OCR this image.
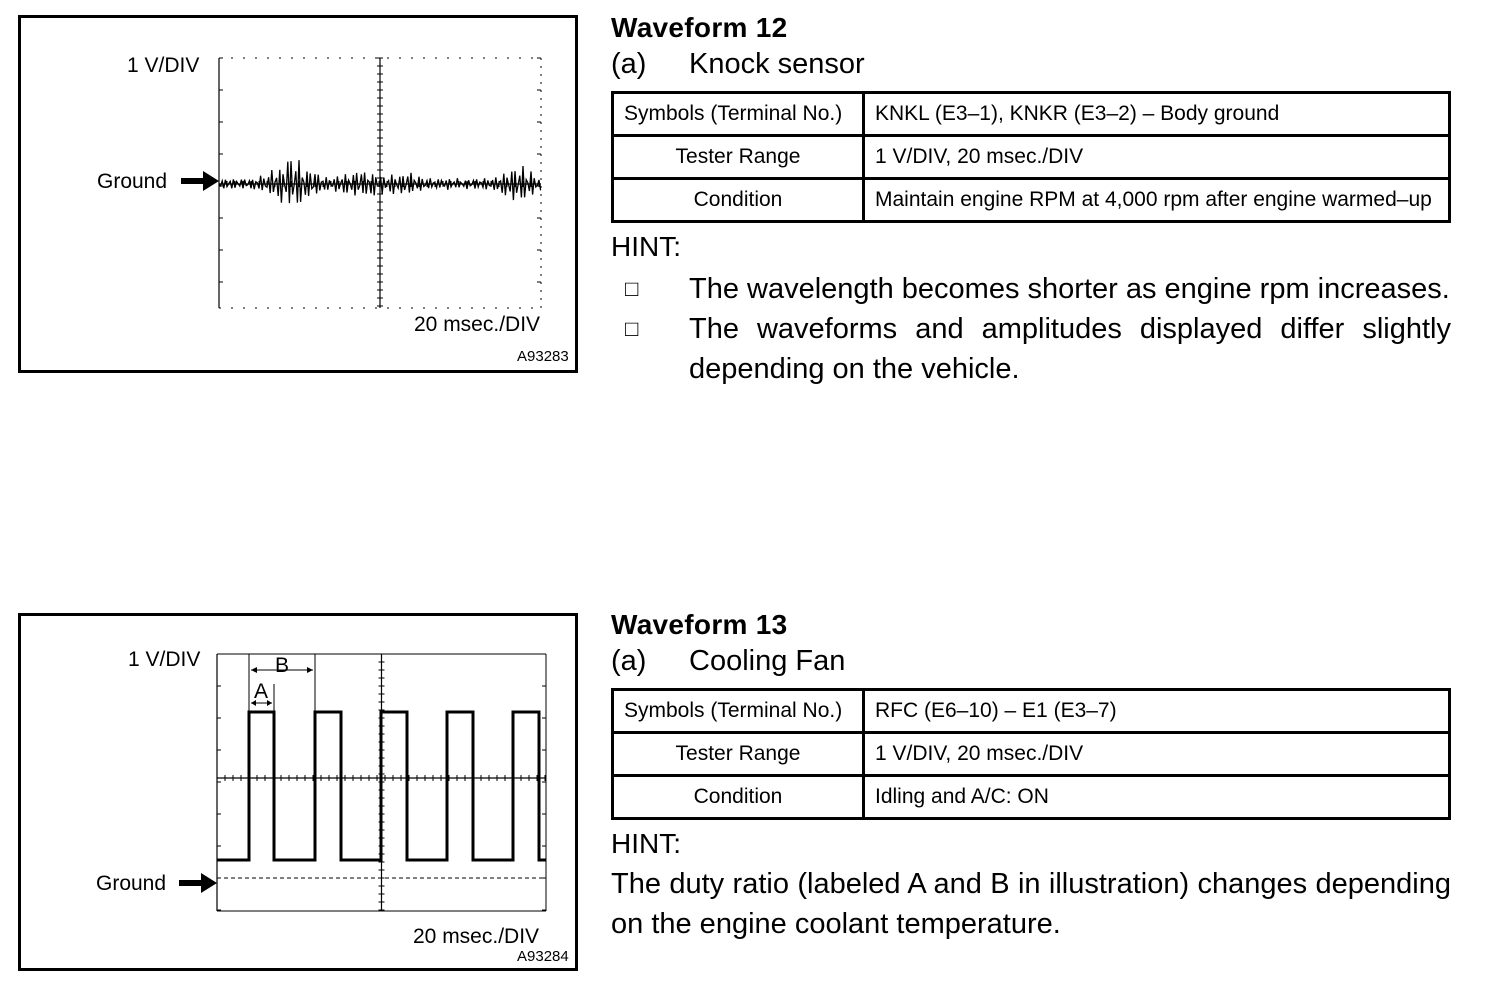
1 V/DIV
Ground
20 msec./DIV
A93283
A
B
1 V/DIV
Ground
20 msec./DIV
A93284
Waveform 12
(a)	Knock sensor
Symbols (Terminal No.)	KNKL (E3–1), KNKR (E3–2) – Body ground
Tester Range	1 V/DIV, 20 msec./DIV
Condition	Maintain engine RPM at 4,000 rpm after engine warmed–up
HINT:
□	The wavelength becomes shorter as engine rpm increases.
□	The waveforms and amplitudes displayed differ slightly depending on the vehicle.
Waveform 13
(a)	Cooling Fan
Symbols (Terminal No.)	RFC (E6–10) – E1 (E3–7)
Tester Range	1 V/DIV, 20 msec./DIV
Condition	Idling and A/C: ON
HINT:
The duty ratio (labeled A and B in illustration) changes depending on the engine coolant temperature.
